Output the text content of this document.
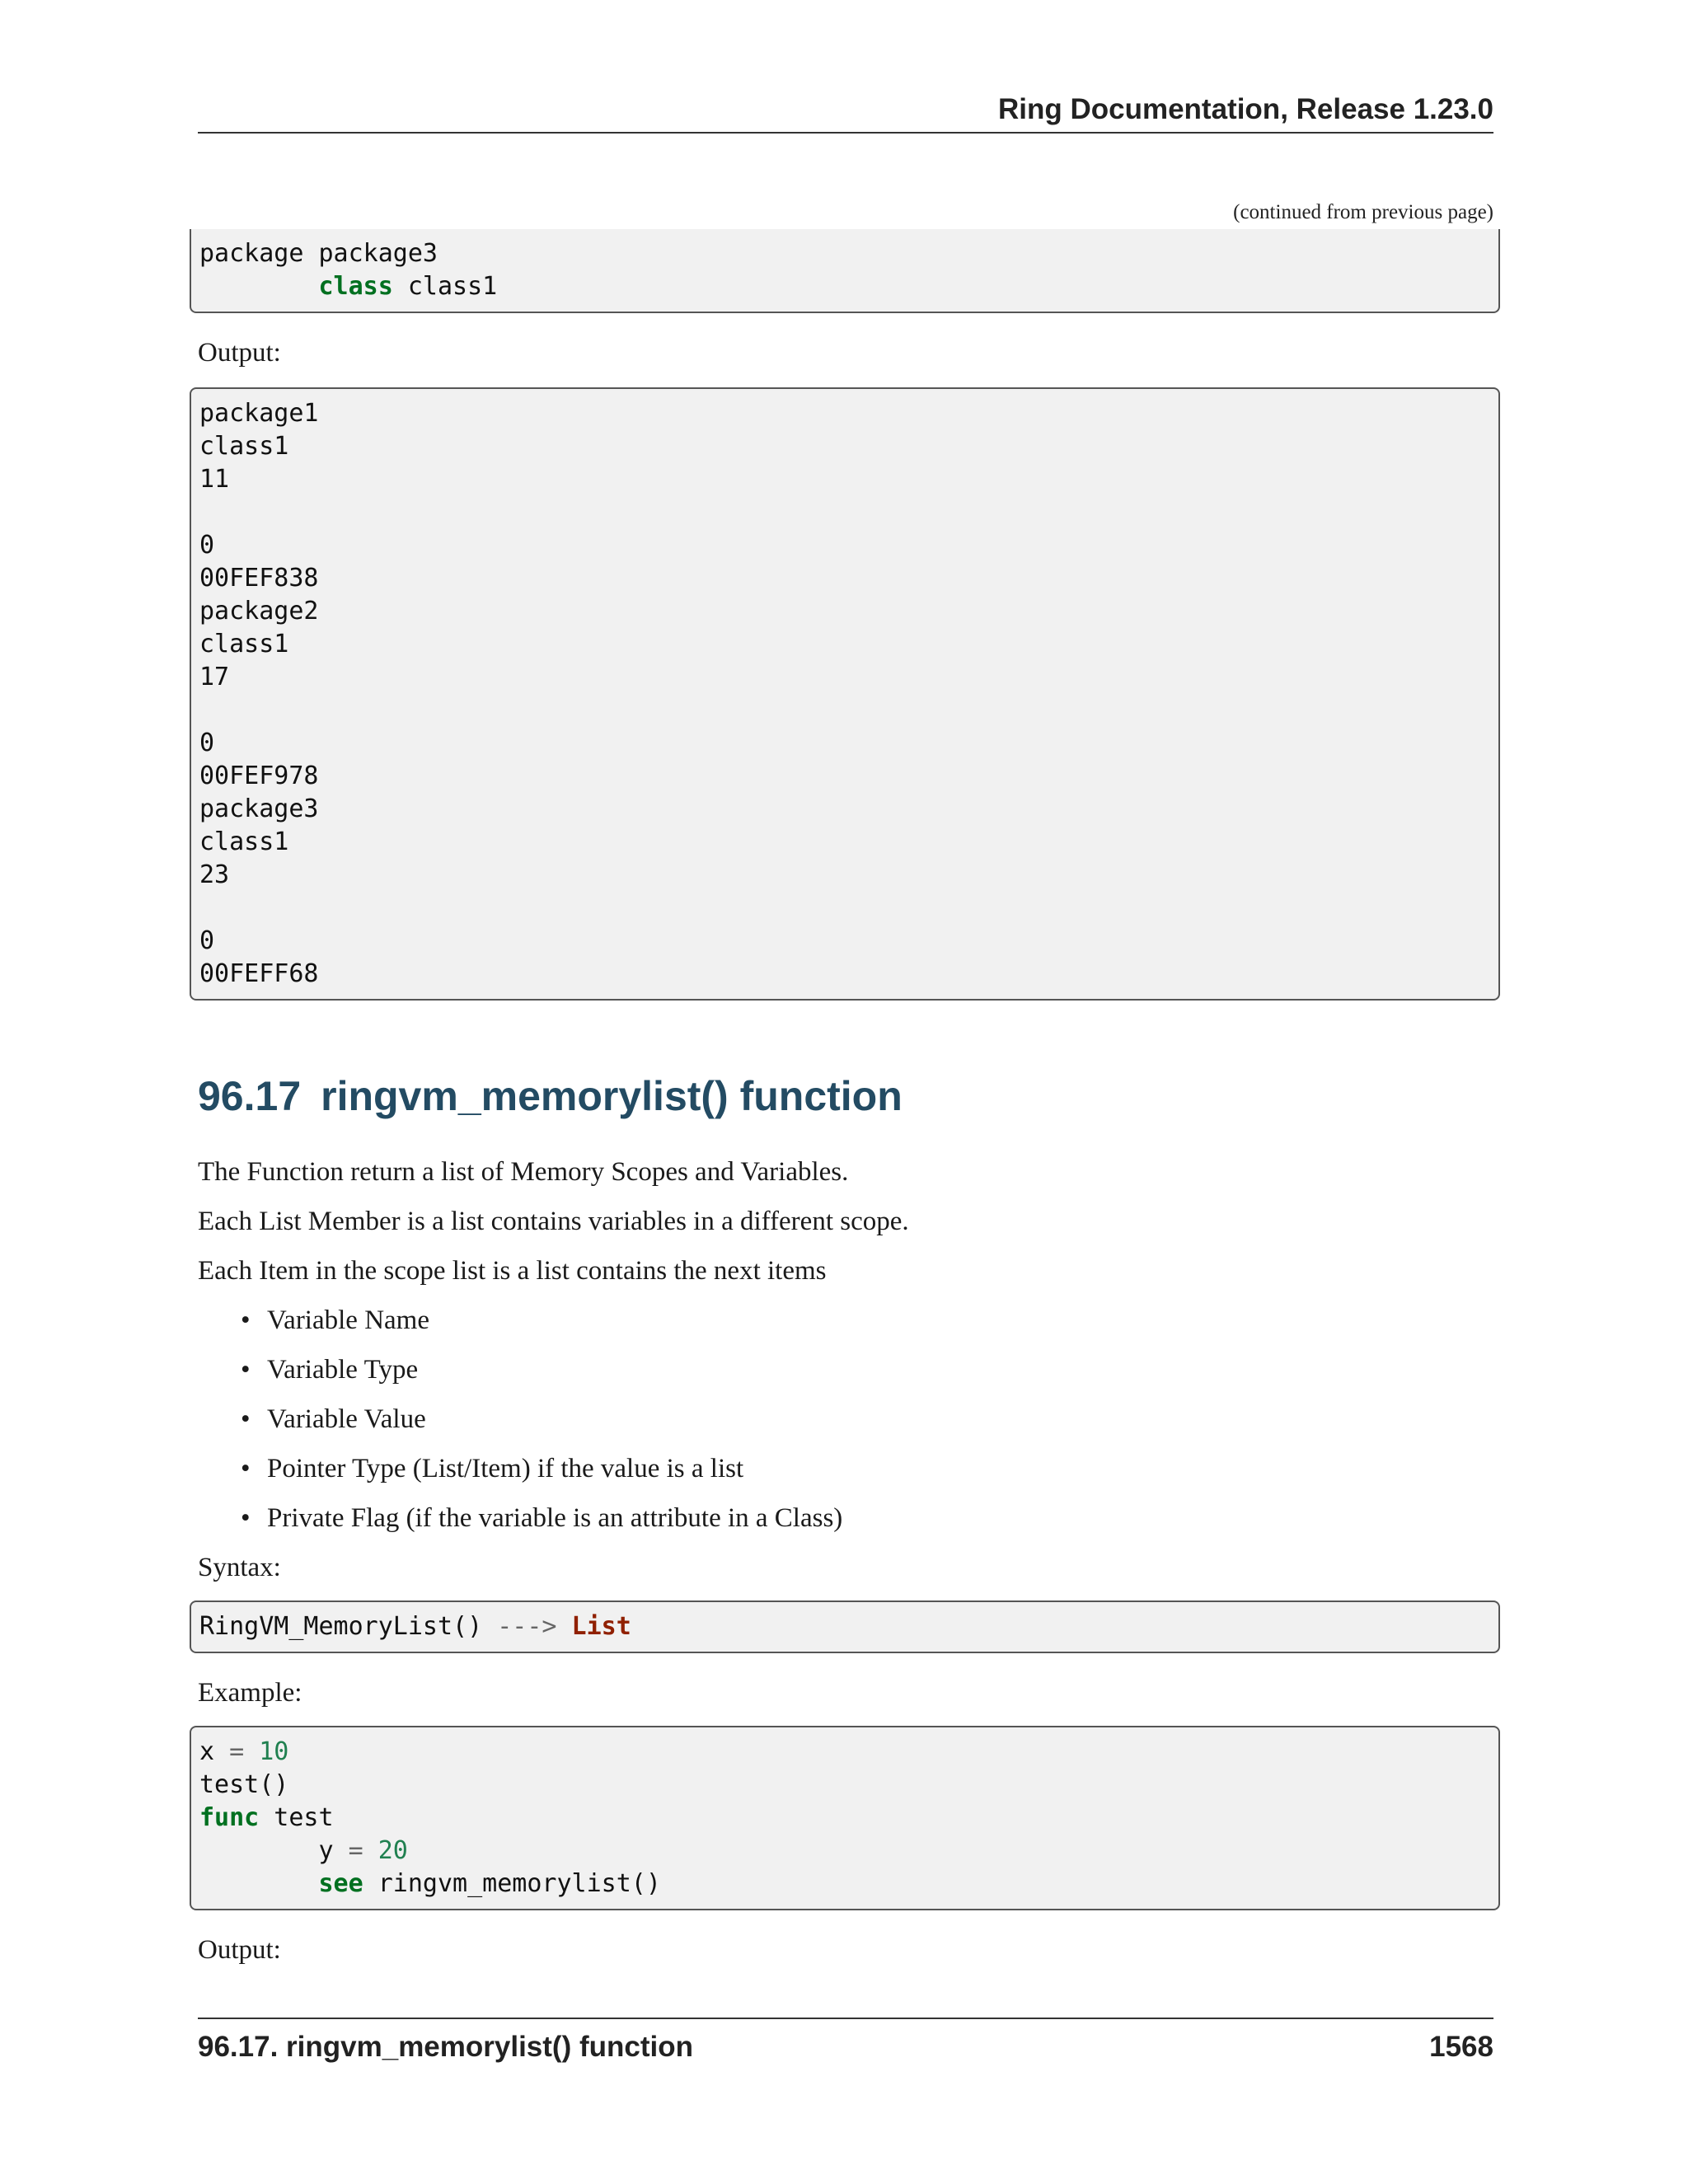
Ring Documentation, Release 1.23.0
(continued from previous page)
package package3
class class1
Output:
package1
class1
11
0
00FEF838
package2
class1
17
0
00FEF978
package3
class1
23
0
00FEFF68
96.17 ringvm_memorylist() function
The Function return a list of Memory Scopes and Variables.
Each List Member is a list contains variables in a different scope.
Each Item in the scope list is a list contains the next items
• Variable Name
• Variable Type
• Variable Value
• Pointer Type (List/Item) if the value is a list
• Private Flag (if the variable is an attribute in a Class)
Syntax:
RingVM_MemoryList() ---> List
Example:
x = 10
test()
func test
y = 20
see ringvm_memorylist()
Output:
96.17. ringvm_memorylist() function	1568
